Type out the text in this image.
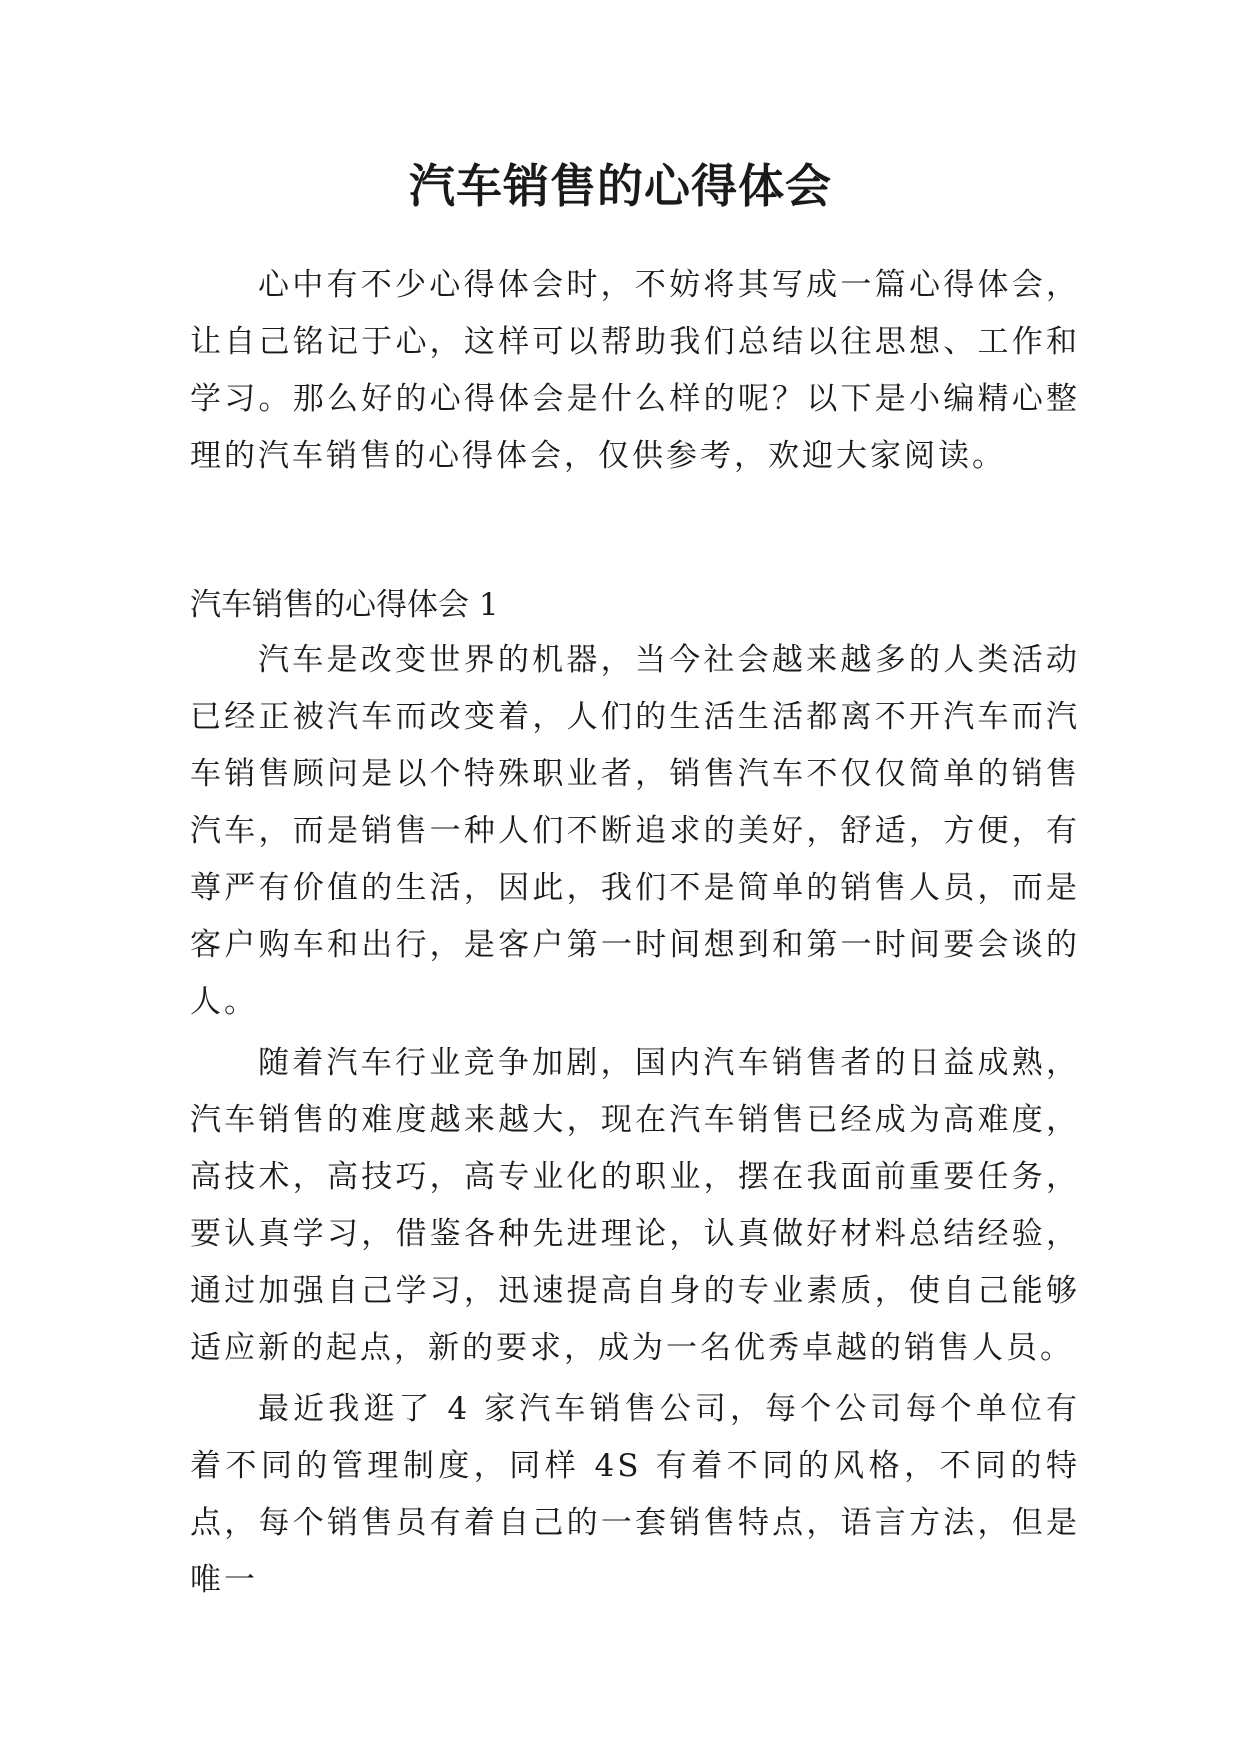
汽车销售的心得体会

心中有不少心得体会时，不妨将其写成一篇心得体会，让自己铭记于心，这样可以帮助我们总结以往思想、工作和学习。那么好的心得体会是什么样的呢？以下是小编精心整理的汽车销售的心得体会，仅供参考，欢迎大家阅读。

汽车销售的心得体会 1

汽车是改变世界的机器，当今社会越来越多的人类活动已经正被汽车而改变着，人们的生活生活都离不开汽车而汽车销售顾问是以个特殊职业者，销售汽车不仅仅简单的销售汽车，而是销售一种人们不断追求的美好，舒适，方便，有尊严有价值的生活，因此，我们不是简单的销售人员，而是客户购车和出行，是客户第一时间想到和第一时间要会谈的人。

随着汽车行业竞争加剧，国内汽车销售者的日益成熟，汽车销售的难度越来越大，现在汽车销售已经成为高难度，高技术，高技巧，高专业化的职业，摆在我面前重要任务，要认真学习，借鉴各种先进理论，认真做好材料总结经验，通过加强自己学习，迅速提高自身的专业素质，使自己能够适应新的起点，新的要求，成为一名优秀卓越的销售人员。

最近我逛了 4 家汽车销售公司，每个公司每个单位有着不同的管理制度，同样 4S 有着不同的风格，不同的特点，每个销售员有着自己的一套销售特点，语言方法，但是唯一
